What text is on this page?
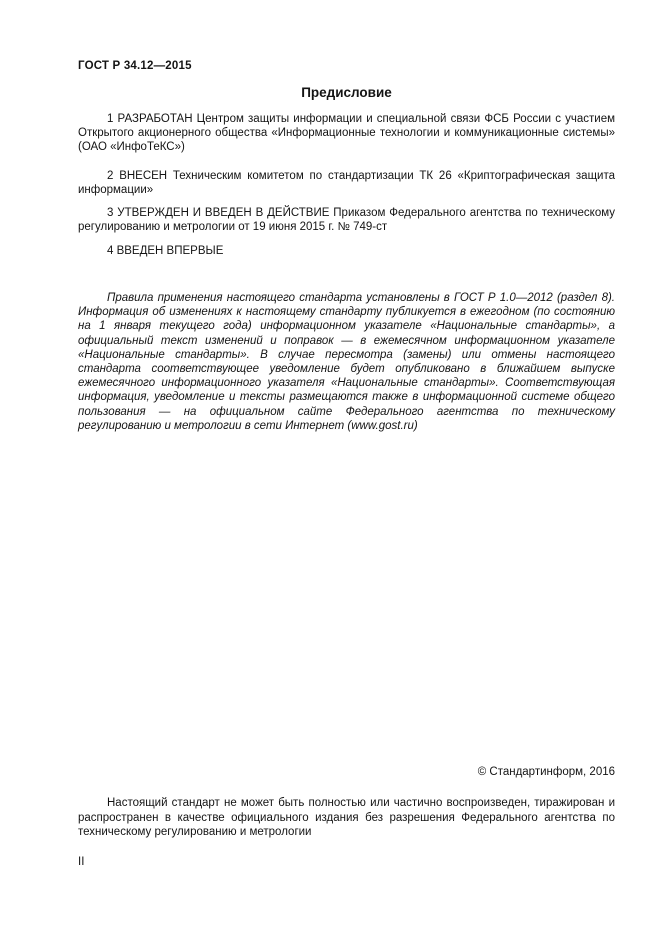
ГОСТ Р 34.12—2015
Предисловие
1 РАЗРАБОТАН Центром защиты информации и специальной связи ФСБ России с участием Открытого акционерного общества «Информационные технологии и коммуникационные системы» (ОАО «ИнфоТеКС»)
2 ВНЕСЕН Техническим комитетом по стандартизации ТК 26 «Криптографическая защита информации»
3 УТВЕРЖДЕН И ВВЕДЕН В ДЕЙСТВИЕ Приказом Федерального агентства по техническому регулированию и метрологии от 19 июня 2015 г. № 749-ст
4 ВВЕДЕН ВПЕРВЫЕ
Правила применения настоящего стандарта установлены в ГОСТ Р 1.0—2012 (раздел 8). Информация об изменениях к настоящему стандарту публикуется в ежегодном (по состоянию на 1 января текущего года) информационном указателе «Национальные стандарты», а официальный текст изменений и поправок — в ежемесячном информационном указателе «Национальные стандарты». В случае пересмотра (замены) или отмены настоящего стандарта соответствующее уведомление будет опубликовано в ближайшем выпуске ежемесячного информационного указателя «Национальные стандарты». Соответствующая информация, уведомление и тексты размещаются также в информационной системе общего пользования — на официальном сайте Федерального агентства по техническому регулированию и метрологии в сети Интернет (www.gost.ru)
© Стандартинформ, 2016
Настоящий стандарт не может быть полностью или частично воспроизведен, тиражирован и распространен в качестве официального издания без разрешения Федерального агентства по техническому регулированию и метрологии
II
